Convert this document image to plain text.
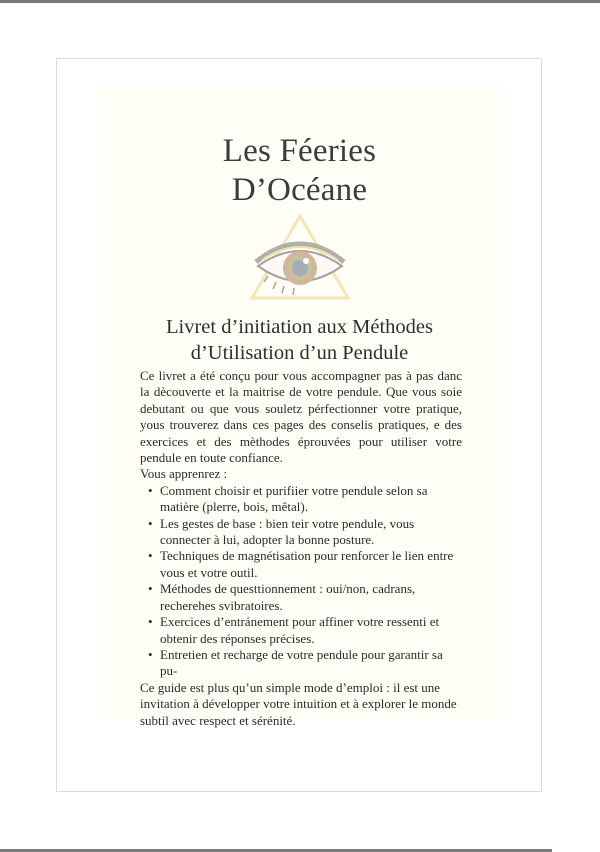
Les Féeries
D’Océane
Livret d’initiation aux Méthodes
d’Utilisation d’un Pendule

Ce livret a été conçu pour vous accompagner pas à pas danc la dècouverte et la maitrise de votre pendule. Que vous soie debutant ou que vous souletz pérfectionner votre pratique, yous trouverez dans ces pages des conselis pratiques, e des exercices et des mèthodes éprouvées pour utiliser votre pendule en toute confiance.

Vous apprenrez :

• Comment choisir et purifiier votre pendule selon sa matière (plerre, bois, mêtal).
• Les gestes de base : bien teir votre pendule, vous connecter à lui, adopter la bonne posture.
• Techniques de magnétisation pour renforcer le lien entre vous et votre outil.
• Méthodes de questtionnement : oui/non, cadrans, recherehes svibratoires.
• Exercices d’entránement pour affiner votre ressenti et obtenir des réponses précises.
• Entretien et recharge de votre pendule pour garantir sa pu-

Ce guide est plus qu’un simple mode d’emploi : il est une invitation à développer votre intuition et à explorer le monde subtil avec respect et sérénité.
